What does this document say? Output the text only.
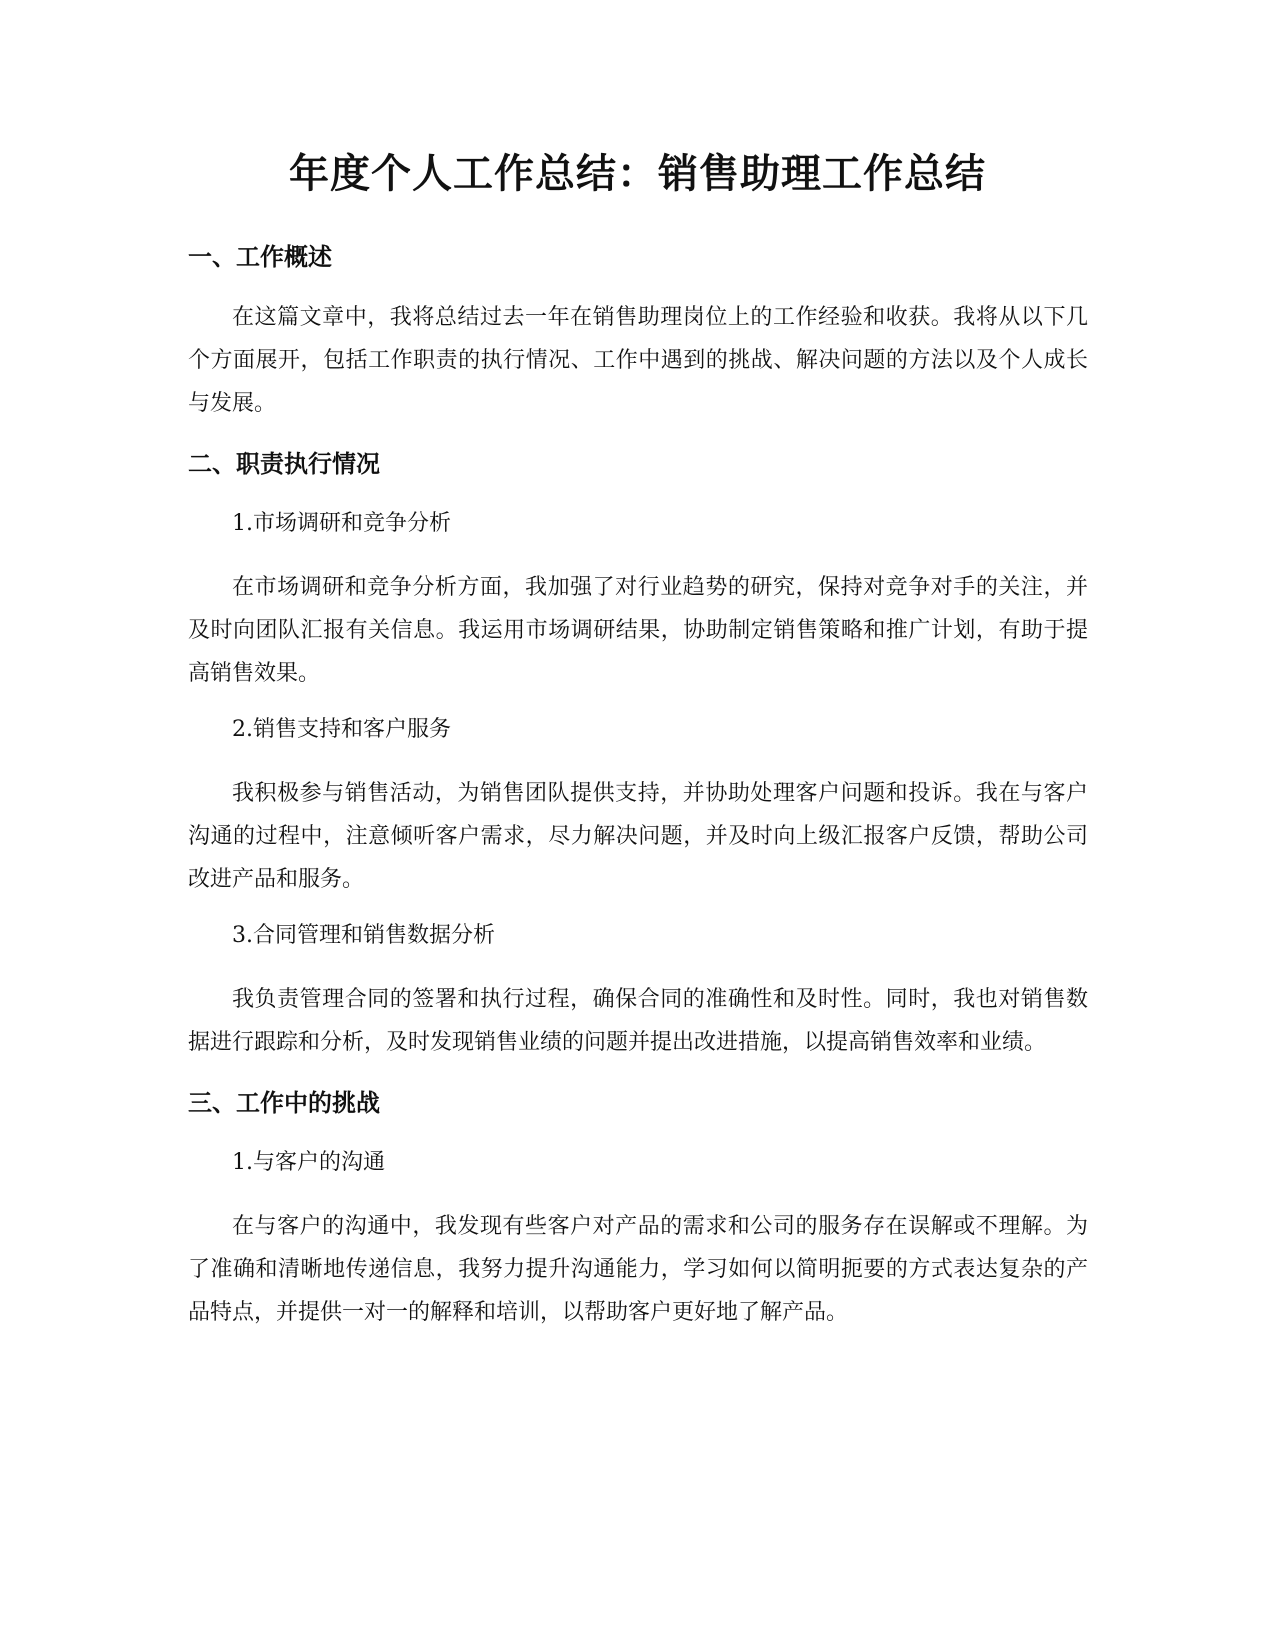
年度个人工作总结：销售助理工作总结
一、工作概述

在这篇文章中，我将总结过去一年在销售助理岗位上的工作经验和收获。我将从以下几个方面展开，包括工作职责的执行情况、工作中遇到的挑战、解决问题的方法以及个人成长与发展。

二、职责执行情况

1.市场调研和竞争分析

在市场调研和竞争分析方面，我加强了对行业趋势的研究，保持对竞争对手的关注，并及时向团队汇报有关信息。我运用市场调研结果，协助制定销售策略和推广计划，有助于提高销售效果。

2.销售支持和客户服务

我积极参与销售活动，为销售团队提供支持，并协助处理客户问题和投诉。我在与客户沟通的过程中，注意倾听客户需求，尽力解决问题，并及时向上级汇报客户反馈，帮助公司改进产品和服务。

3.合同管理和销售数据分析

我负责管理合同的签署和执行过程，确保合同的准确性和及时性。同时，我也对销售数据进行跟踪和分析，及时发现销售业绩的问题并提出改进措施，以提高销售效率和业绩。

三、工作中的挑战

1.与客户的沟通

在与客户的沟通中，我发现有些客户对产品的需求和公司的服务存在误解或不理解。为了准确和清晰地传递信息，我努力提升沟通能力，学习如何以简明扼要的方式表达复杂的产品特点，并提供一对一的解释和培训，以帮助客户更好地了解产品。
